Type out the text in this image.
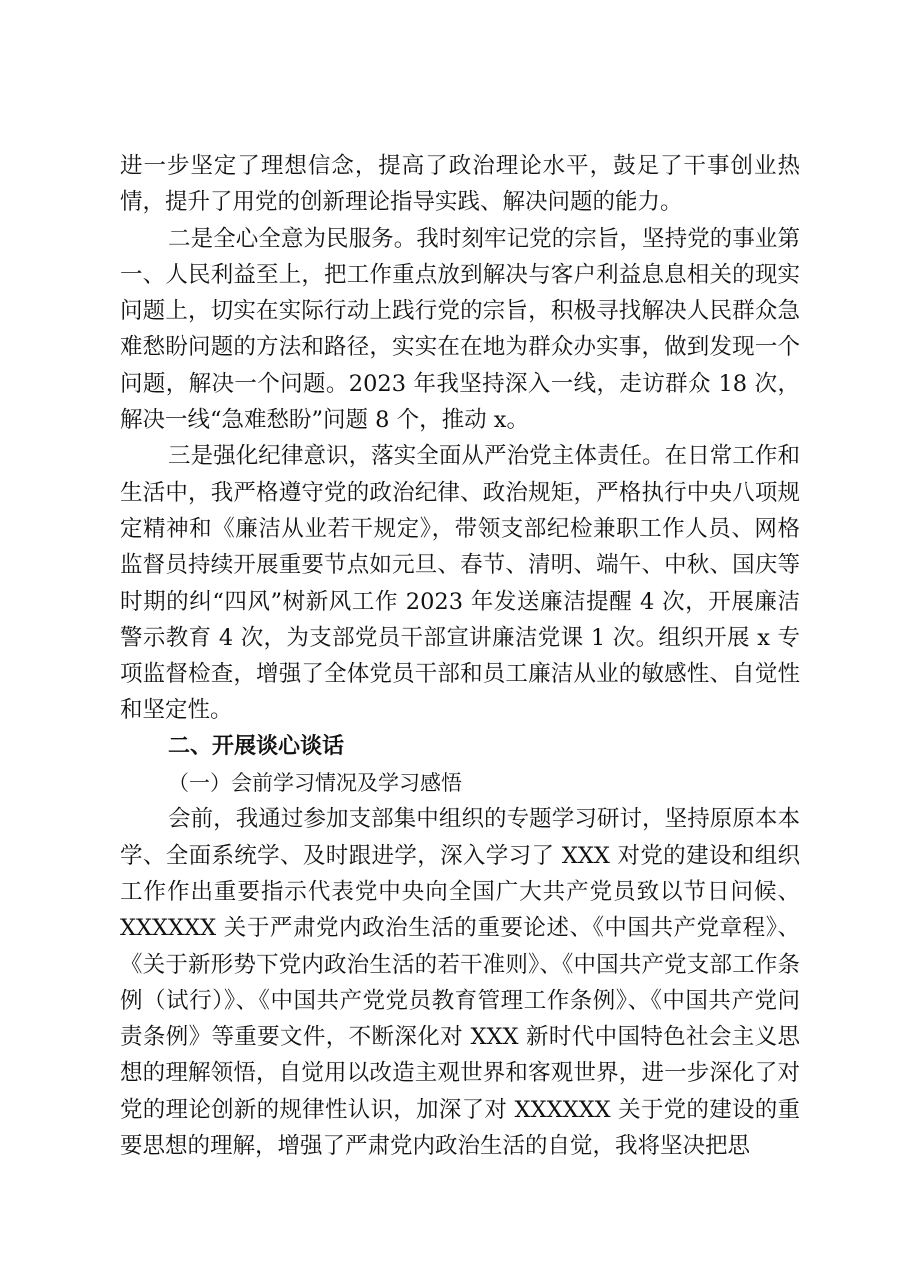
进一步坚定了理想信念，提高了政治理论水平，鼓足了干事创业热情，提升了用党的创新理论指导实践、解决问题的能力。

二是全心全意为民服务。我时刻牢记党的宗旨，坚持党的事业第一、人民利益至上，把工作重点放到解决与客户利益息息相关的现实问题上，切实在实际行动上践行党的宗旨，积极寻找解决人民群众急难愁盼问题的方法和路径，实实在在地为群众办实事，做到发现一个问题，解决一个问题。2023 年我坚持深入一线，走访群众 18 次，解决一线“急难愁盼”问题 8 个，推动 x。

三是强化纪律意识，落实全面从严治党主体责任。在日常工作和生活中，我严格遵守党的政治纪律、政治规矩，严格执行中央八项规定精神和《廉洁从业若干规定》，带领支部纪检兼职工作人员、网格监督员持续开展重要节点如元旦、春节、清明、端午、中秋、国庆等时期的纠“四风”树新风工作 2023 年发送廉洁提醒 4 次，开展廉洁警示教育 4 次，为支部党员干部宣讲廉洁党课 1 次。组织开展 x 专项监督检查，增强了全体党员干部和员工廉洁从业的敏感性、自觉性和坚定性。

二、开展谈心谈话

（一）会前学习情况及学习感悟

会前，我通过参加支部集中组织的专题学习研讨，坚持原原本本学、全面系统学、及时跟进学，深入学习了 XXX 对党的建设和组织工作作出重要指示代表党中央向全国广大共产党员致以节日问候、XXXXXX 关于严肃党内政治生活的重要论述、《中国共产党章程》、《关于新形势下党内政治生活的若干准则》、《中国共产党支部工作条例（试行）》、《中国共产党党员教育管理工作条例》、《中国共产党问责条例》等重要文件，不断深化对 XXX 新时代中国特色社会主义思想的理解领悟，自觉用以改造主观世界和客观世界，进一步深化了对党的理论创新的规律性认识，加深了对 XXXXXX 关于党的建设的重要思想的理解，增强了严肃党内政治生活的自觉，我将坚决把思
